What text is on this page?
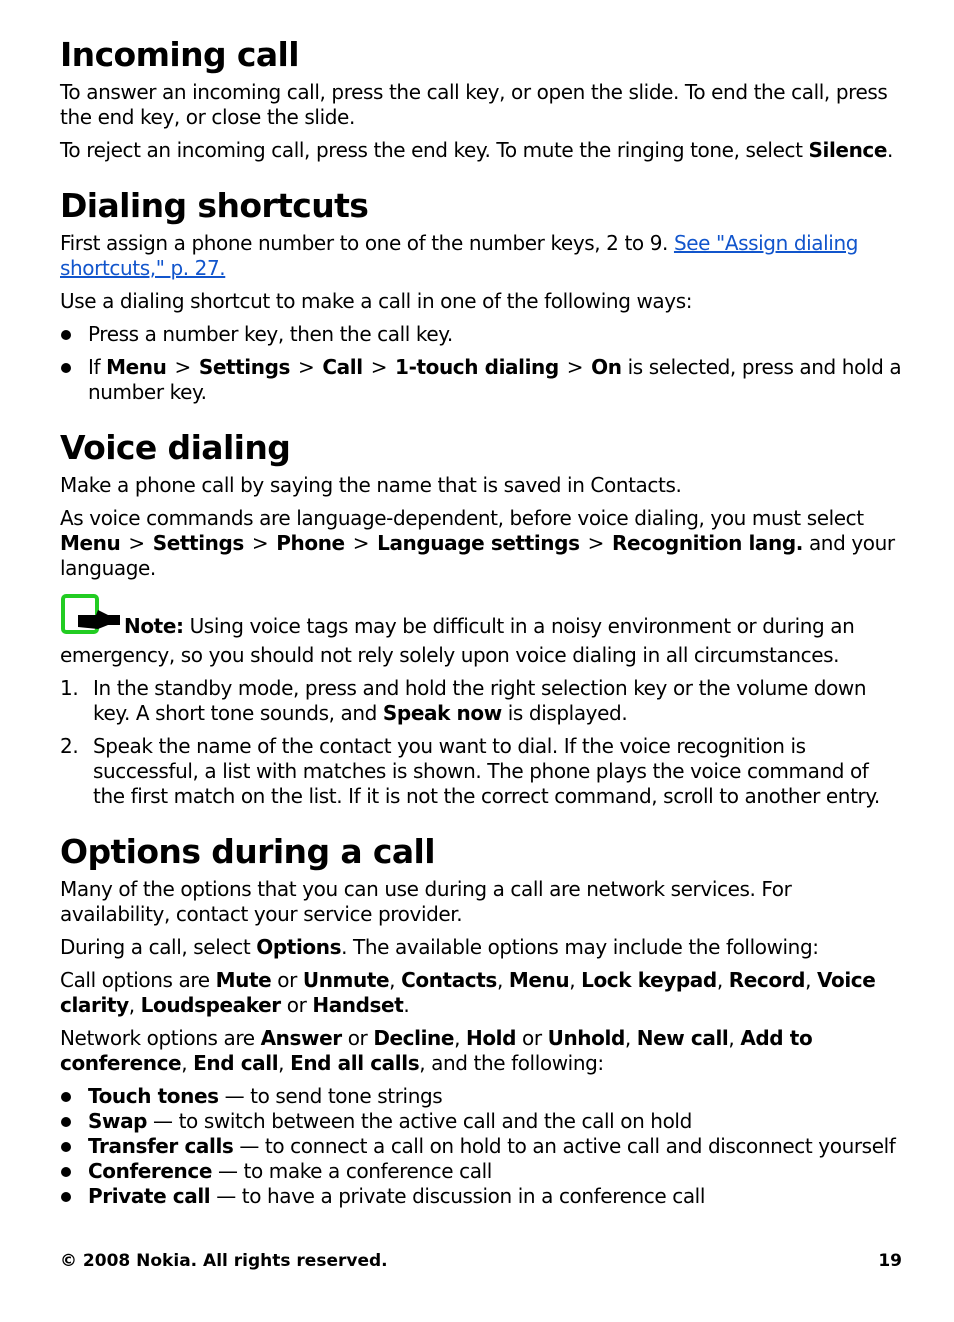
Incoming call

To answer an incoming call, press the call key, or open the slide. To end the call, press the end key, or close the slide.

To reject an incoming call, press the end key. To mute the ringing tone, select Silence.

Dialing shortcuts

First assign a phone number to one of the number keys, 2 to 9. See "Assign dialing shortcuts," p. 27.

Use a dialing shortcut to make a call in one of the following ways:

Press a number key, then the call key.
If Menu > Settings > Call > 1-touch dialing > On is selected, press and hold a number key.
Voice dialing

Make a phone call by saying the name that is saved in Contacts.

As voice commands are language-dependent, before voice dialing, you must select Menu > Settings > Phone > Language settings > Recognition lang. and your language.

Note: Using voice tags may be difficult in a noisy environment or during an emergency, so you should not rely solely upon voice dialing in all circumstances.

1. In the standby mode, press and hold the right selection key or the volume down key. A short tone sounds, and Speak now is displayed.
2. Speak the name of the contact you want to dial. If the voice recognition is successful, a list with matches is shown. The phone plays the voice command of the first match on the list. If it is not the correct command, scroll to another entry.
Options during a call

Many of the options that you can use during a call are network services. For availability, contact your service provider.

During a call, select Options. The available options may include the following:

Call options are Mute or Unmute, Contacts, Menu, Lock keypad, Record, Voice clarity, Loudspeaker or Handset.

Network options are Answer or Decline, Hold or Unhold, New call, Add to conference, End call, End all calls, and the following:

Touch tones — to send tone strings
Swap — to switch between the active call and the call on hold
Transfer calls — to connect a call on hold to an active call and disconnect yourself
Conference — to make a conference call
Private call — to have a private discussion in a conference call
© 2008 Nokia. All rights reserved.	19
